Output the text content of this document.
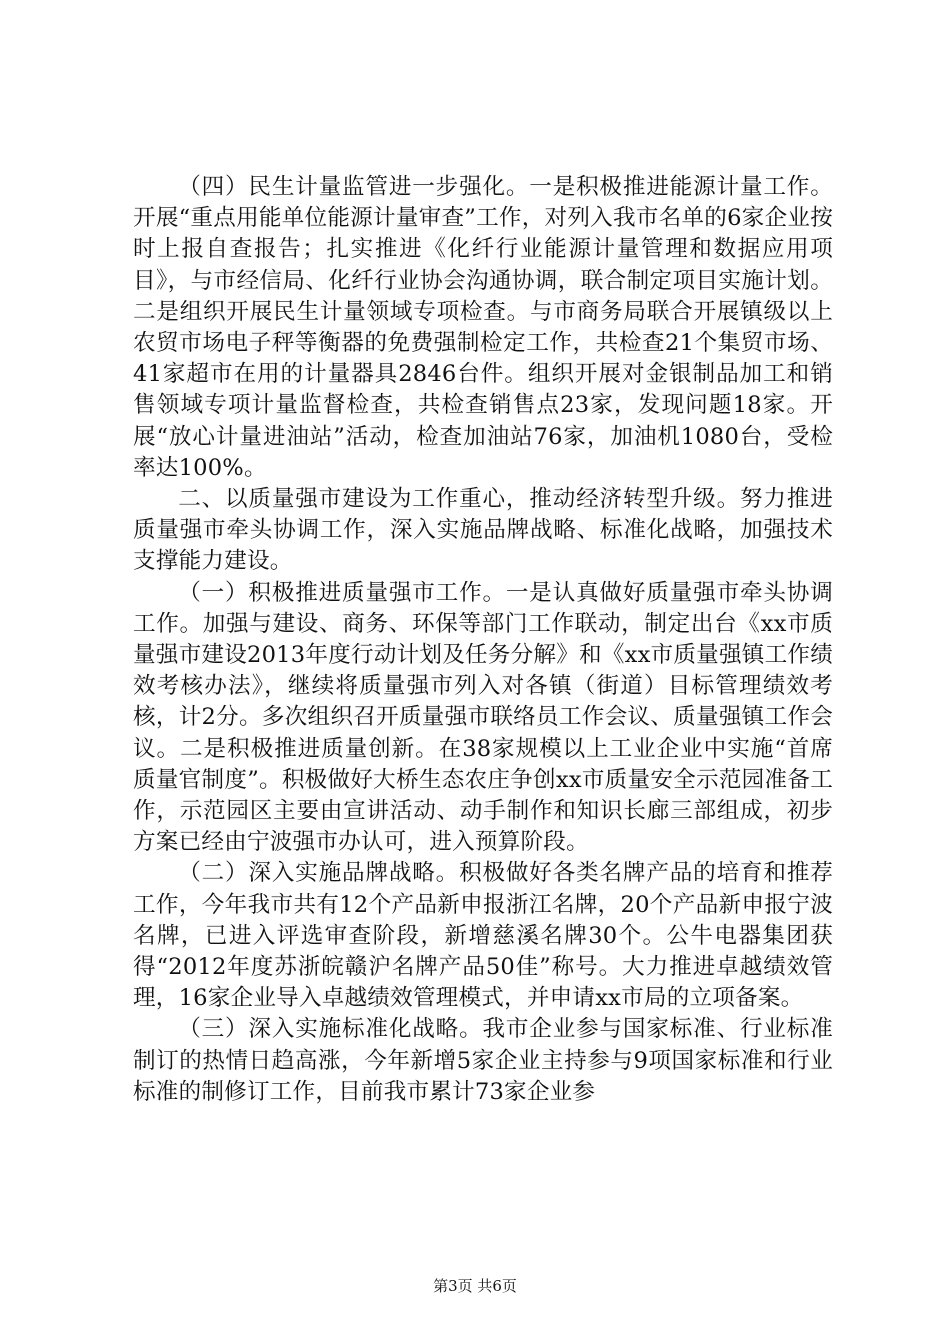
（四）民生计量监管进一步强化。一是积极推进能源计量工作。开展“重点用能单位能源计量审查”工作，对列入我市名单的6家企业按时上报自查报告；扎实推进《化纤行业能源计量管理和数据应用项目》，与市经信局、化纤行业协会沟通协调，联合制定项目实施计划。二是组织开展民生计量领域专项检查。与市商务局联合开展镇级以上农贸市场电子秤等衡器的免费强制检定工作，共检查21个集贸市场、41家超市在用的计量器具2846台件。组织开展对金银制品加工和销售领域专项计量监督检查，共检查销售点23家，发现问题18家。开展“放心计量进油站”活动，检查加油站76家，加油机1080台，受检率达100%。

二、以质量强市建设为工作重心，推动经济转型升级。努力推进质量强市牵头协调工作，深入实施品牌战略、标准化战略，加强技术支撑能力建设。

（一）积极推进质量强市工作。一是认真做好质量强市牵头协调工作。加强与建设、商务、环保等部门工作联动，制定出台《xx市质量强市建设2013年度行动计划及任务分解》和《xx市质量强镇工作绩效考核办法》，继续将质量强市列入对各镇（街道）目标管理绩效考核，计2分。多次组织召开质量强市联络员工作会议、质量强镇工作会议。二是积极推进质量创新。在38家规模以上工业企业中实施“首席质量官制度”。积极做好大桥生态农庄争创xx市质量安全示范园准备工作，示范园区主要由宣讲活动、动手制作和知识长廊三部组成，初步方案已经由宁波强市办认可，进入预算阶段。

（二）深入实施品牌战略。积极做好各类名牌产品的培育和推荐工作，今年我市共有12个产品新申报浙江名牌，20个产品新申报宁波名牌，已进入评选审查阶段，新增慈溪名牌30个。公牛电器集团获得“2012年度苏浙皖赣沪名牌产品50佳”称号。大力推进卓越绩效管理，16家企业导入卓越绩效管理模式，并申请xx市局的立项备案。

（三）深入实施标准化战略。我市企业参与国家标准、行业标准制订的热情日趋高涨，今年新增5家企业主持参与9项国家标准和行业标准的制修订工作，目前我市累计73家企业参

第3页 共6页
